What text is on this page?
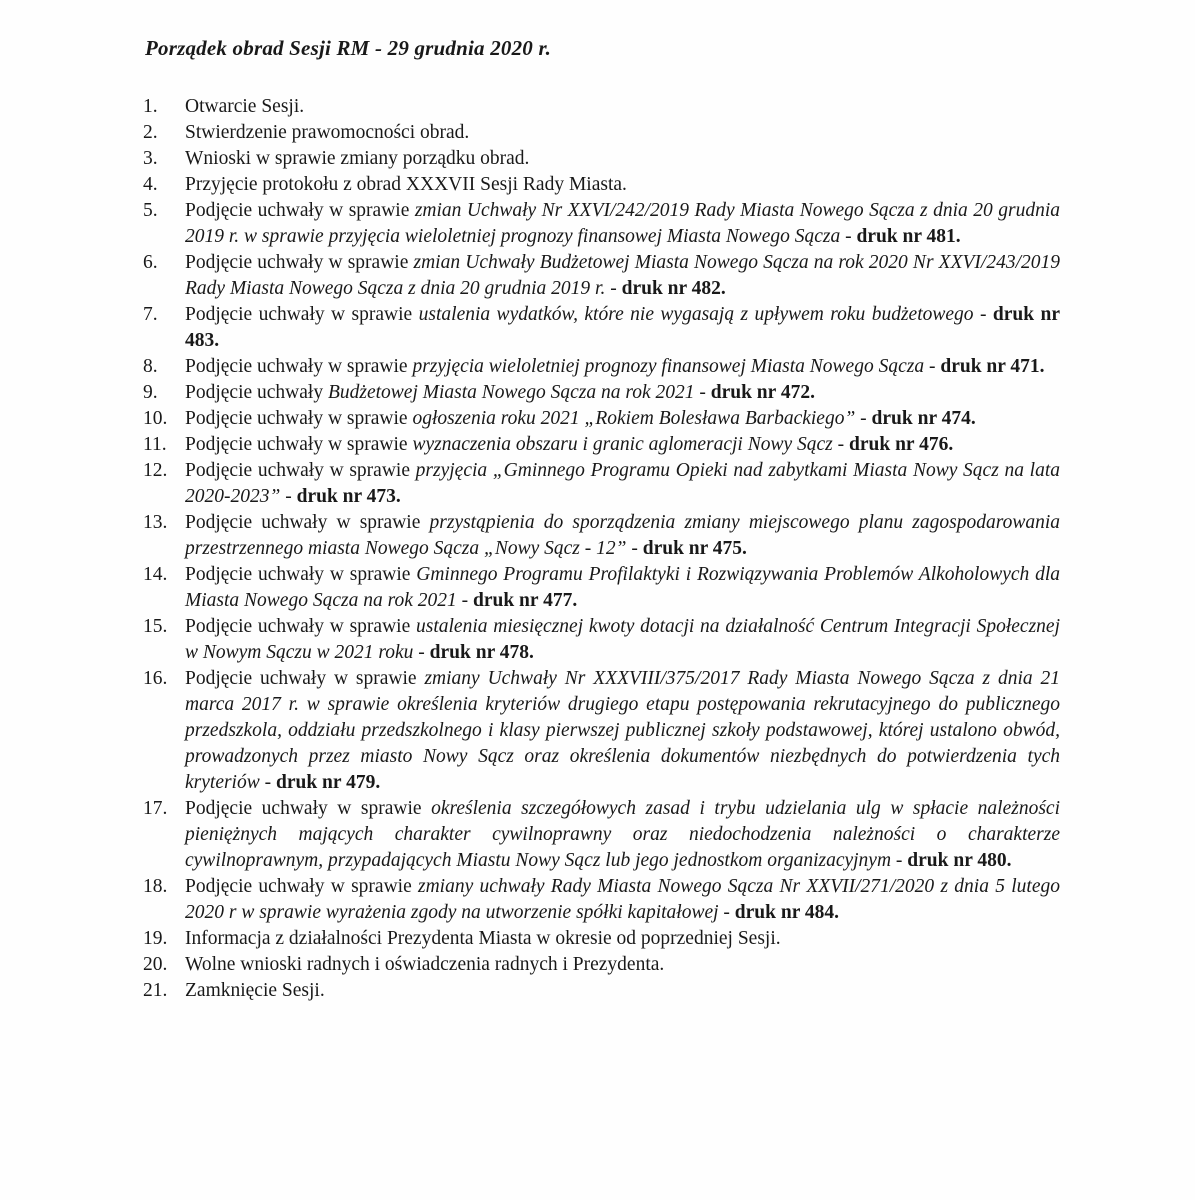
Porządek obrad Sesji RM - 29 grudnia 2020 r.
1. Otwarcie Sesji.
2. Stwierdzenie prawomocności obrad.
3. Wnioski w sprawie zmiany porządku obrad.
4. Przyjęcie protokołu z obrad XXXVII Sesji Rady Miasta.
5. Podjęcie uchwały w sprawie zmian Uchwały Nr XXVI/242/2019 Rady Miasta Nowego Sącza z dnia 20 grudnia 2019 r. w sprawie przyjęcia wieloletniej prognozy finansowej Miasta Nowego Sącza - druk nr 481.
6. Podjęcie uchwały w sprawie zmian Uchwały Budżetowej Miasta Nowego Sącza na rok 2020 Nr XXVI/243/2019 Rady Miasta Nowego Sącza z dnia 20 grudnia 2019 r. - druk nr 482.
7. Podjęcie uchwały w sprawie ustalenia wydatków, które nie wygasają z upływem roku budżetowego - druk nr 483.
8. Podjęcie uchwały w sprawie przyjęcia wieloletniej prognozy finansowej Miasta Nowego Sącza - druk nr 471.
9. Podjęcie uchwały Budżetowej Miasta Nowego Sącza na rok 2021 - druk nr 472.
10. Podjęcie uchwały w sprawie ogłoszenia roku 2021 „Rokiem Bolesława Barbackiego” - druk nr 474.
11. Podjęcie uchwały w sprawie wyznaczenia obszaru i granic aglomeracji Nowy Sącz - druk nr 476.
12. Podjęcie uchwały w sprawie przyjęcia „Gminnego Programu Opieki nad zabytkami Miasta Nowy Sącz na lata 2020-2023” - druk nr 473.
13. Podjęcie uchwały w sprawie przystąpienia do sporządzenia zmiany miejscowego planu zagospodarowania przestrzennego miasta Nowego Sącza „Nowy Sącz - 12” - druk nr 475.
14. Podjęcie uchwały w sprawie Gminnego Programu Profilaktyki i Rozwiązywania Problemów Alkoholowych dla Miasta Nowego Sącza na rok 2021 - druk nr 477.
15. Podjęcie uchwały w sprawie ustalenia miesięcznej kwoty dotacji na działalność Centrum Integracji Społecznej w Nowym Sączu w 2021 roku - druk nr 478.
16. Podjęcie uchwały w sprawie zmiany Uchwały Nr XXXVIII/375/2017 Rady Miasta Nowego Sącza z dnia 21 marca 2017 r. w sprawie określenia kryteriów drugiego etapu postępowania rekrutacyjnego do publicznego przedszkola, oddziału przedszkolnego i klasy pierwszej publicznej szkoły podstawowej, której ustalono obwód, prowadzonych przez miasto Nowy Sącz oraz określenia dokumentów niezbędnych do potwierdzenia tych kryteriów - druk nr 479.
17. Podjęcie uchwały w sprawie określenia szczegółowych zasad i trybu udzielania ulg w spłacie należności pieniężnych mających charakter cywilnoprawny oraz niedochodzenia należności o charakterze cywilnoprawnym, przypadających Miastu Nowy Sącz lub jego jednostkom organizacyjnym - druk nr 480.
18. Podjęcie uchwały w sprawie zmiany uchwały Rady Miasta Nowego Sącza Nr XXVII/271/2020 z dnia 5 lutego 2020 r w sprawie wyrażenia zgody na utworzenie spółki kapitałowej - druk nr 484.
19. Informacja z działalności Prezydenta Miasta w okresie od poprzedniej Sesji.
20. Wolne wnioski radnych i oświadczenia radnych i Prezydenta.
21. Zamknięcie Sesji.
